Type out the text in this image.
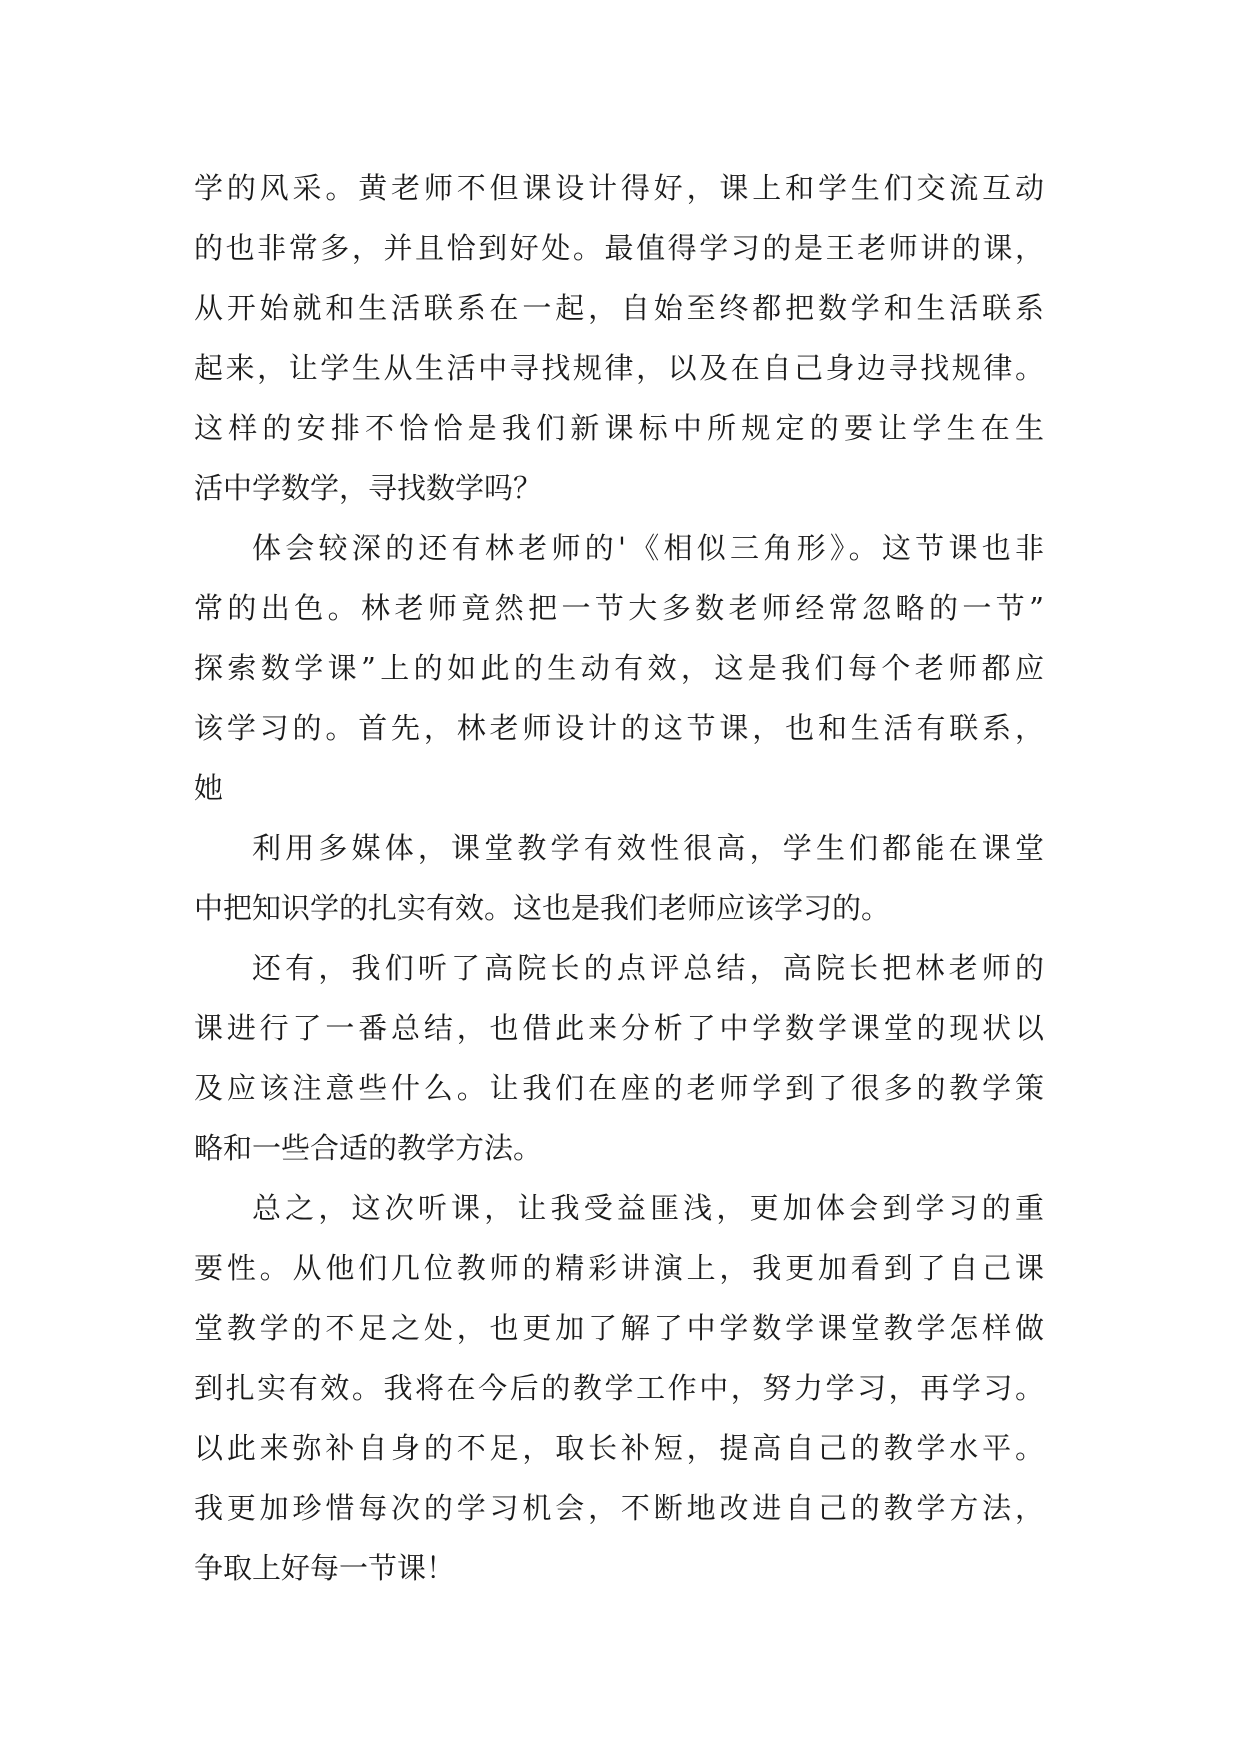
学的风采。黄老师不但课设计得好，课上和学生们交流互动
的也非常多，并且恰到好处。最值得学习的是王老师讲的课，
从开始就和生活联系在一起，自始至终都把数学和生活联系
起来，让学生从生活中寻找规律，以及在自己身边寻找规律。
这样的安排不恰恰是我们新课标中所规定的要让学生在生
活中学数学，寻找数学吗？
体会较深的还有林老师的'《相似三角形》。这节课也非
常的出色。林老师竟然把一节大多数老师经常忽略的一节”
探索数学课”上的如此的生动有效，这是我们每个老师都应
该学习的。首先，林老师设计的这节课，也和生活有联系，
她
利用多媒体，课堂教学有效性很高，学生们都能在课堂
中把知识学的扎实有效。这也是我们老师应该学习的。
还有，我们听了高院长的点评总结，高院长把林老师的
课进行了一番总结，也借此来分析了中学数学课堂的现状以
及应该注意些什么。让我们在座的老师学到了很多的教学策
略和一些合适的教学方法。
总之，这次听课，让我受益匪浅，更加体会到学习的重
要性。从他们几位教师的精彩讲演上，我更加看到了自己课
堂教学的不足之处，也更加了解了中学数学课堂教学怎样做
到扎实有效。我将在今后的教学工作中，努力学习，再学习。
以此来弥补自身的不足，取长补短，提高自己的教学水平。
我更加珍惜每次的学习机会，不断地改进自己的教学方法，
争取上好每一节课！
